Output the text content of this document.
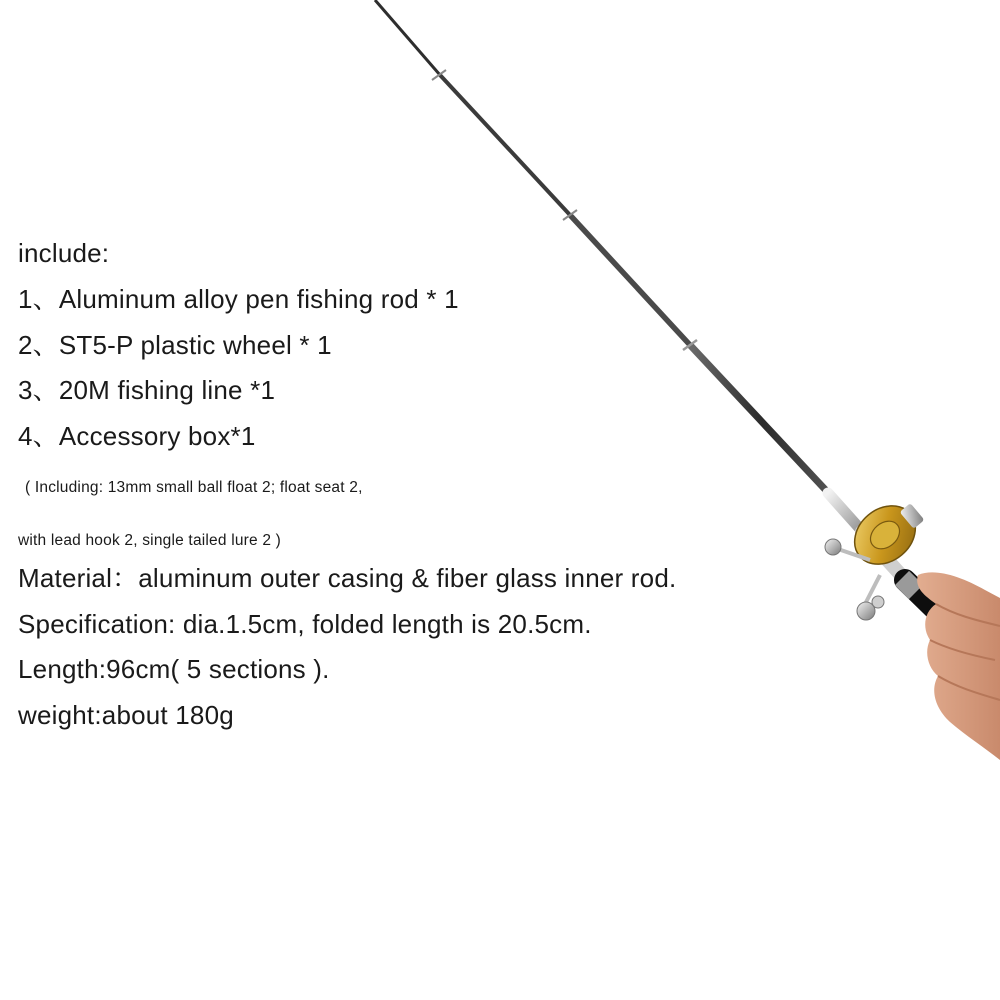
include:
1、Aluminum alloy pen fishing rod * 1
2、ST5-P plastic wheel * 1
3、20M fishing line *1
4、Accessory box*1
( Including: 13mm small ball float 2; float seat 2,
with lead hook 2, single tailed lure 2 )
Material：aluminum outer casing & fiber glass inner rod.
Specification: dia.1.5cm, folded length is 20.5cm.
Length:96cm( 5 sections ).
weight:about 180g
